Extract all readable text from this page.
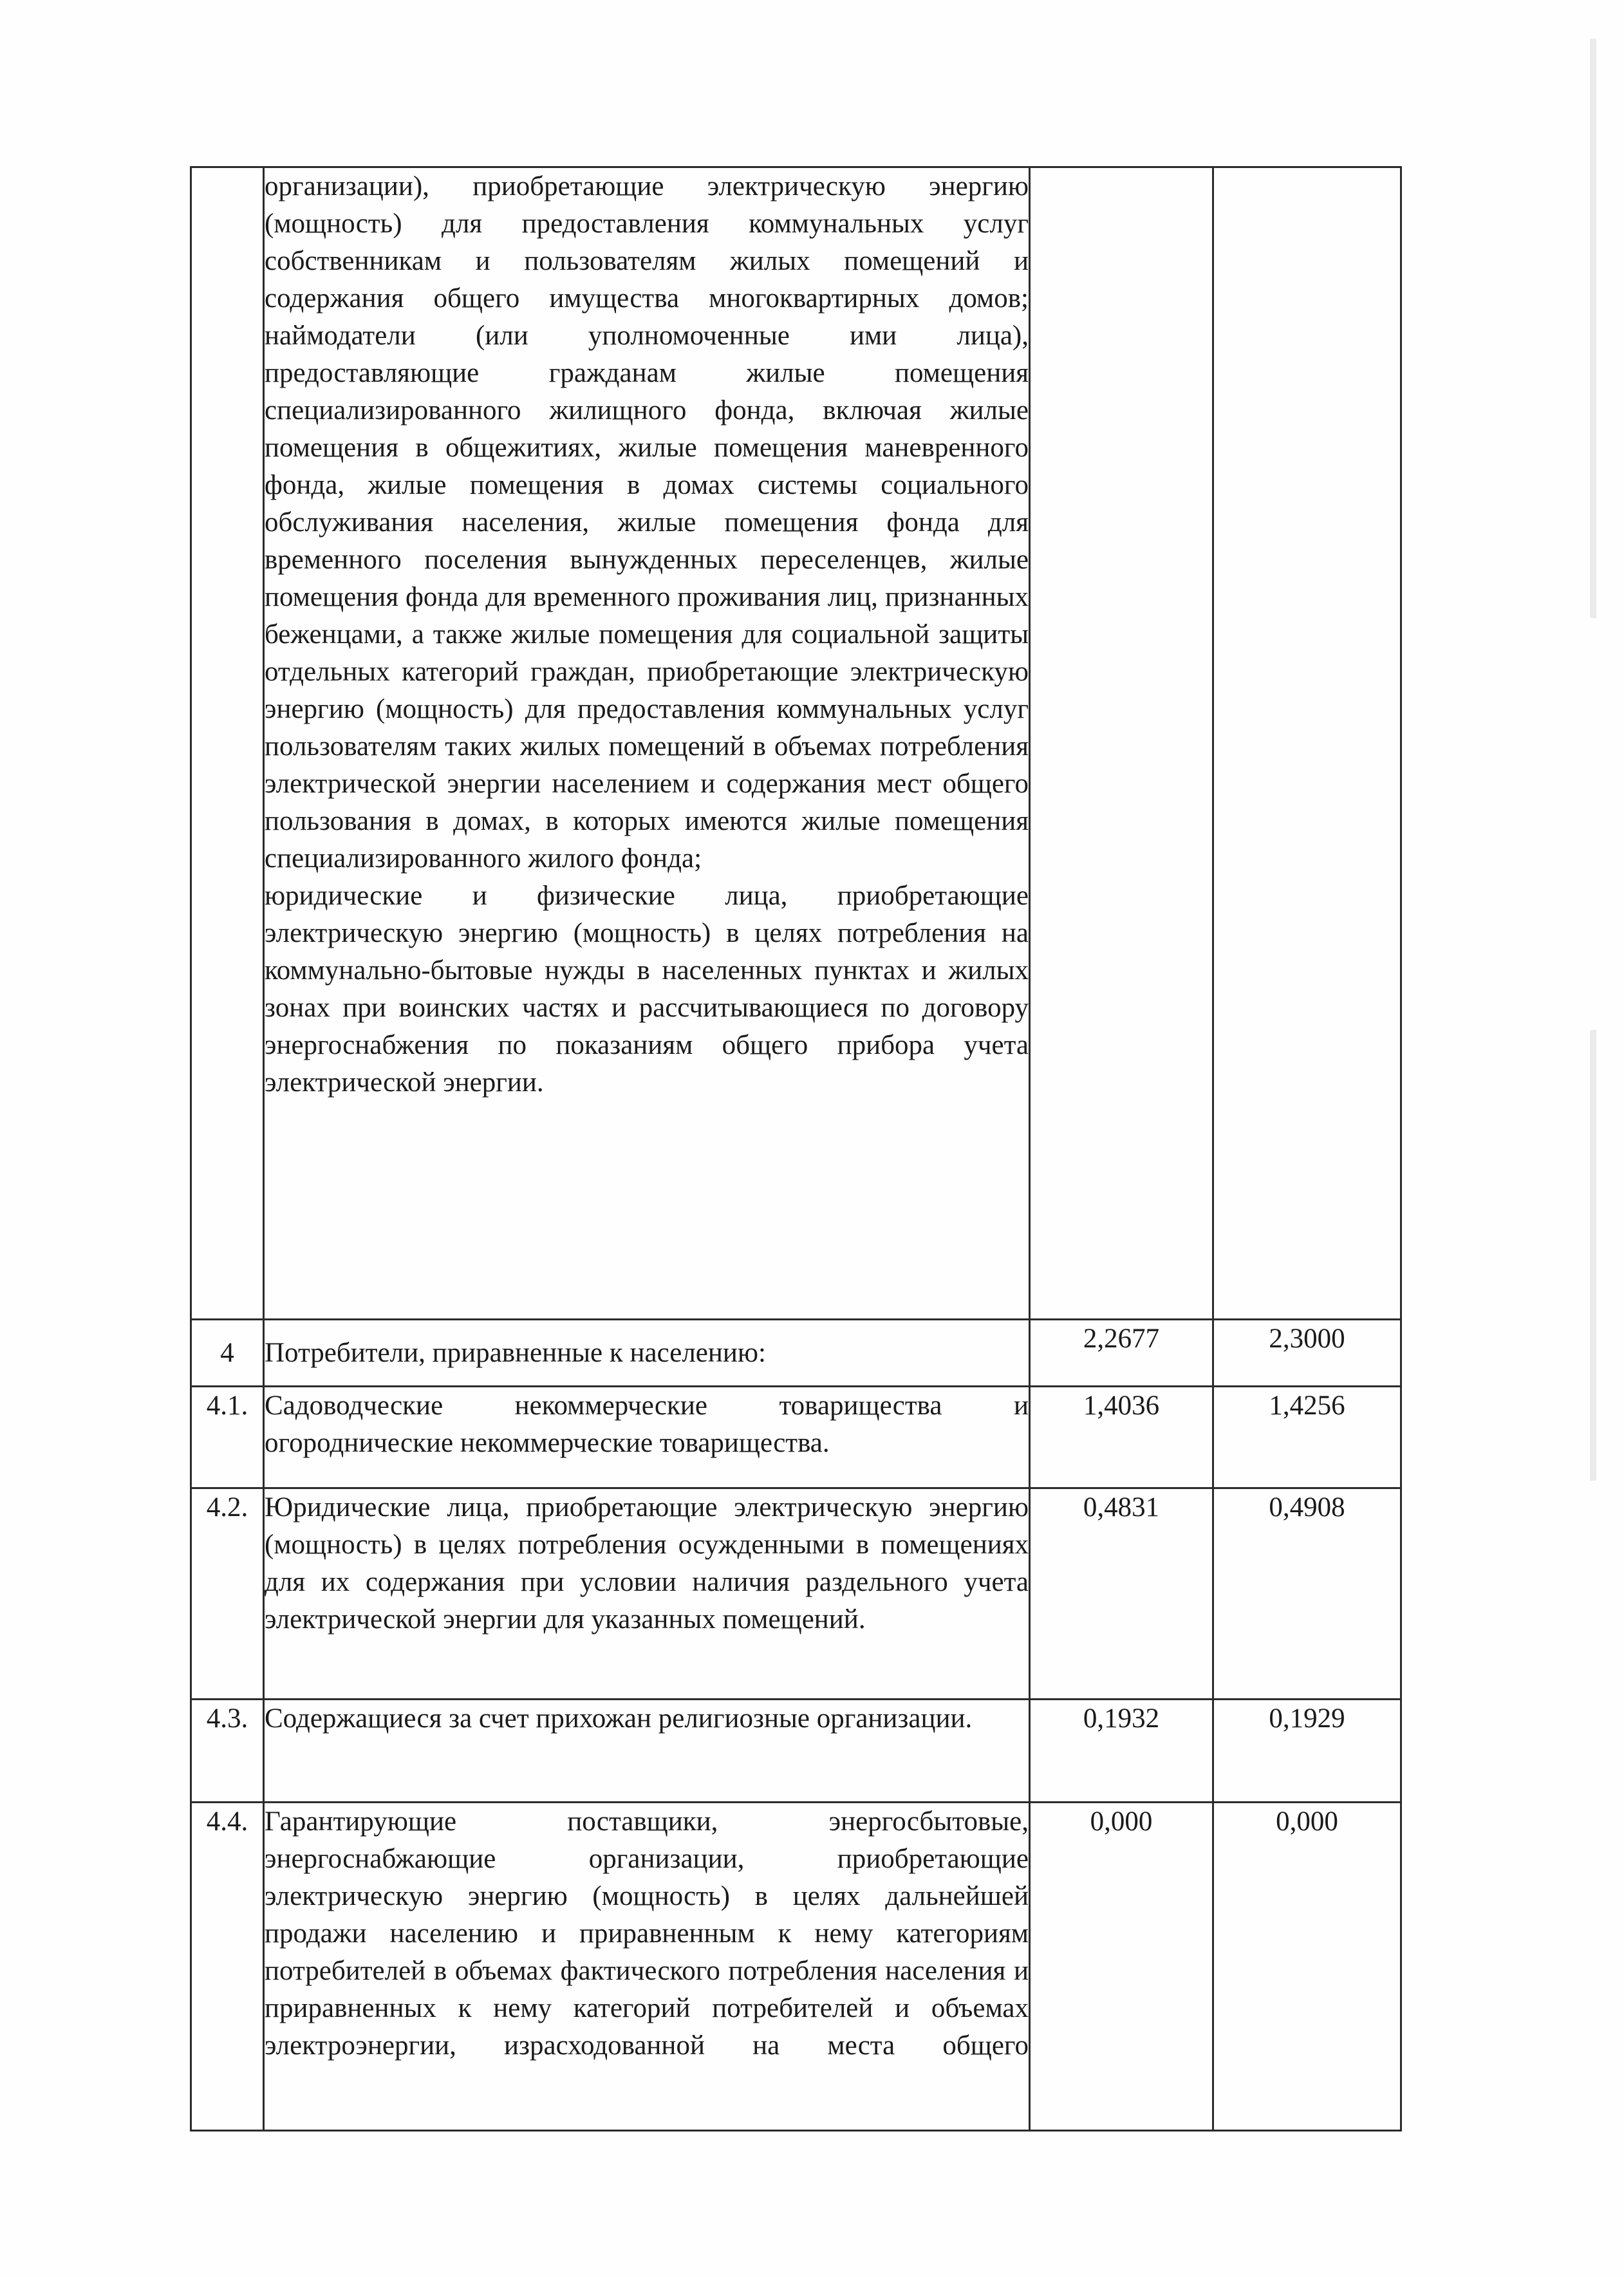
	организации), приобретающие электрическую энергию (мощность) для предоставления коммунальных услуг собственникам и пользователям жилых помещений и содержания общего имущества многоквартирных домов; наймодатели (или уполномоченные ими лица), предоставляющие гражданам жилые помещения специализированного жилищного фонда, включая жилые помещения в общежитиях, жилые помещения маневренного фонда, жилые помещения в домах системы социального обслуживания населения, жилые помещения фонда для временного поселения вынужденных переселенцев, жилые помещения фонда для временного проживания лиц, признанных беженцами, а также жилые помещения для социальной защиты отдельных категорий граждан, приобретающие электрическую энергию (мощность) для предоставления коммунальных услуг пользователям таких жилых помещений в объемах потребления электрической энергии населением и содержания мест общего пользования в домах, в которых имеются жилые помещения специализированного жилого фонда;

юридические и физические лица, приобретающие электрическую энергию (мощность) в целях потребления на коммунально-бытовые нужды в населенных пунктах и жилых зонах при воинских частях и рассчитывающиеся по договору энергоснабжения по показаниям общего прибора учета электрической энергии.		

4	Потребители, приравненные к населению:	2,2677	2,3000
4.1.	Садоводческие некоммерческие товарищества и огороднические некоммерческие товарищества.	1,4036	1,4256
4.2.	Юридические лица, приобретающие электрическую энергию (мощность) в целях потребления осужденными в помещениях для их содержания при условии наличия раздельного учета электрической энергии для указанных помещений.	0,4831	0,4908
4.3.	Содержащиеся за счет прихожан религиозные организации.	0,1932	0,1929
4.4.	Гарантирующие поставщики, энергосбытовые, энергоснабжающие организации, приобретающие электрическую энергию (мощность) в целях дальнейшей продажи населению и приравненным к нему категориям потребителей в объемах фактического потребления населения и приравненных к нему категорий потребителей и объемах электроэнергии, израсходованной на места общего	0,000	0,000
